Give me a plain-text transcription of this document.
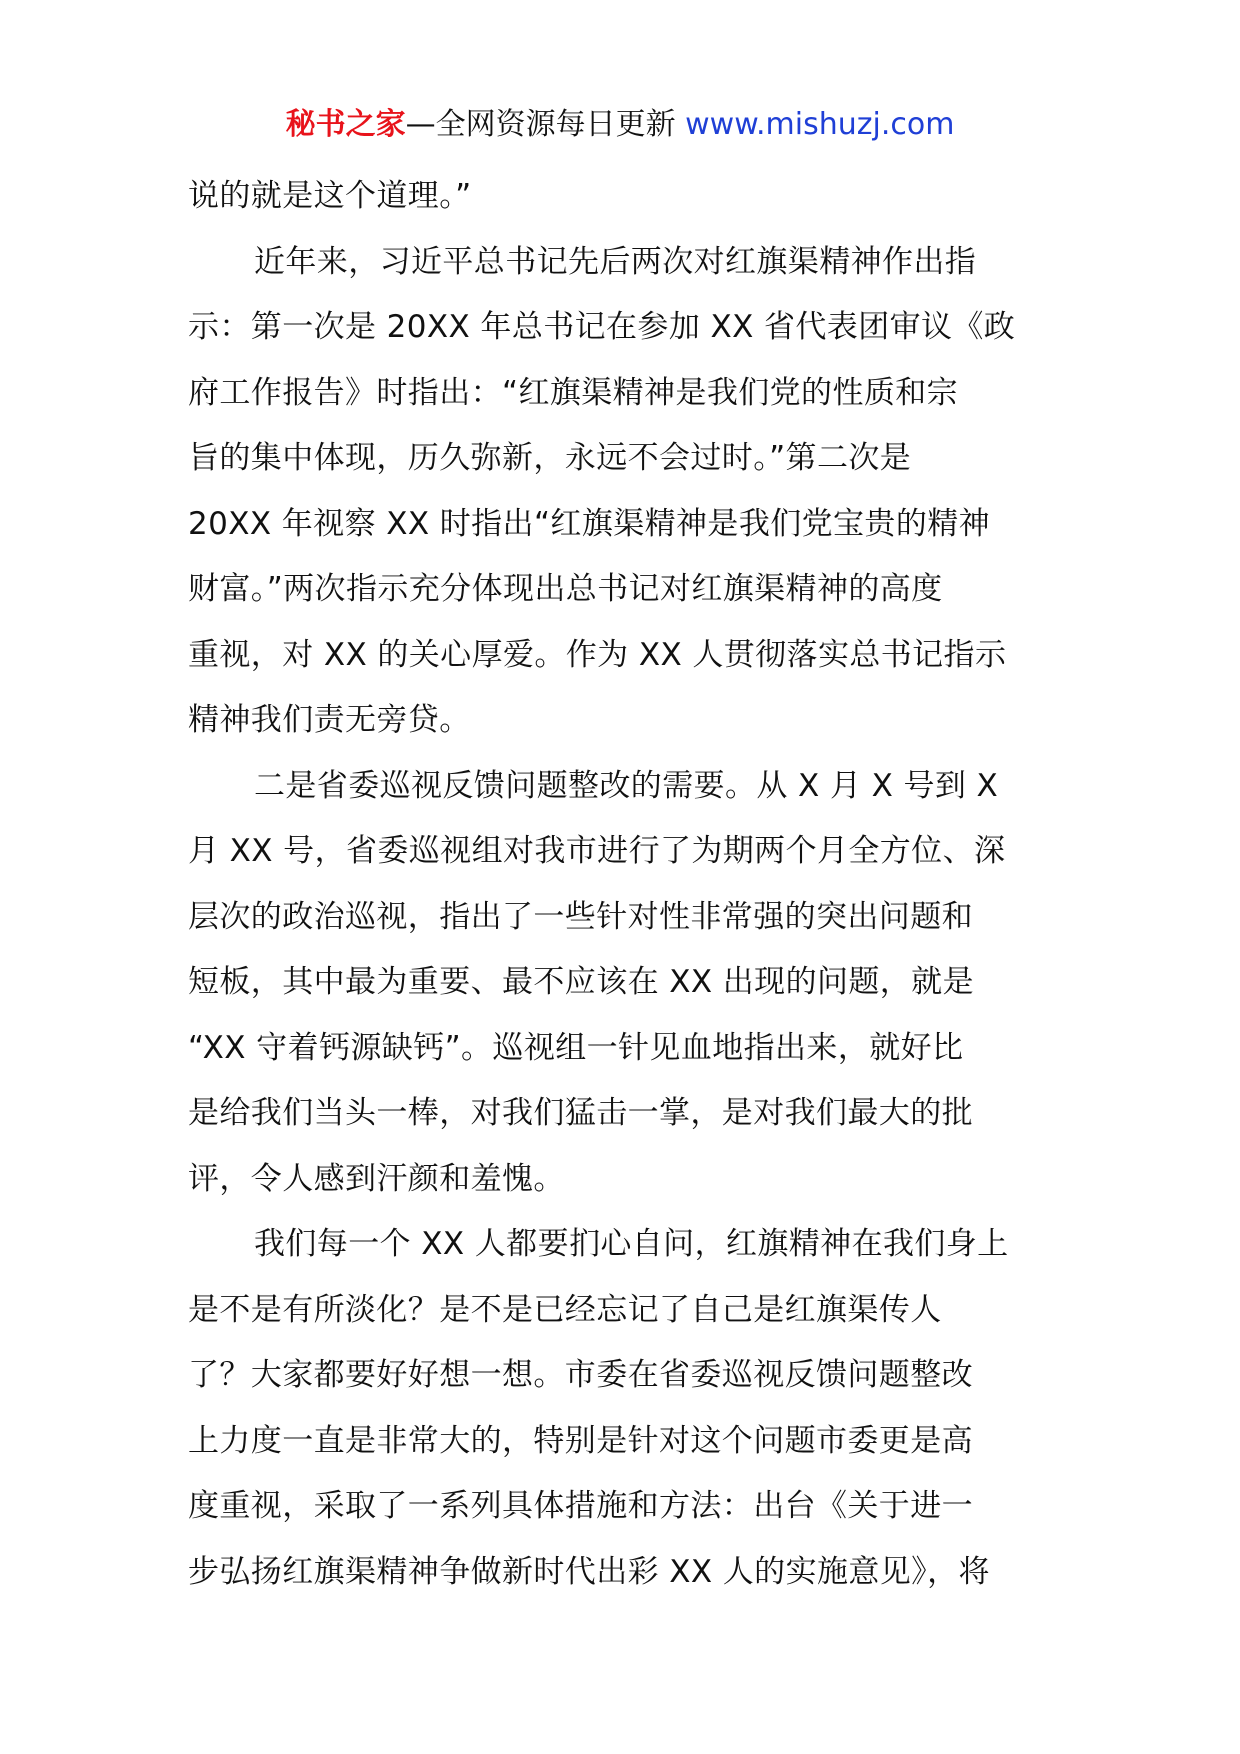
秘书之家—全网资源每日更新 www.mishuzj.com
说的就是这个道理。”
近年来，习近平总书记先后两次对红旗渠精神作出指
示：第一次是 20XX 年总书记在参加 XX 省代表团审议《政
府工作报告》时指出：“红旗渠精神是我们党的性质和宗
旨的集中体现，历久弥新，永远不会过时。”第二次是
20XX 年视察 XX 时指出“红旗渠精神是我们党宝贵的精神
财富。”两次指示充分体现出总书记对红旗渠精神的高度
重视，对 XX 的关心厚爱。作为 XX 人贯彻落实总书记指示
精神我们责无旁贷。
二是省委巡视反馈问题整改的需要。从 X 月 X 号到 X
月 XX 号，省委巡视组对我市进行了为期两个月全方位、深
层次的政治巡视，指出了一些针对性非常强的突出问题和
短板，其中最为重要、最不应该在 XX 出现的问题，就是
“XX 守着钙源缺钙”。巡视组一针见血地指出来，就好比
是给我们当头一棒，对我们猛击一掌，是对我们最大的批
评，令人感到汗颜和羞愧。
我们每一个 XX 人都要扪心自问，红旗精神在我们身上
是不是有所淡化？是不是已经忘记了自己是红旗渠传人
了？大家都要好好想一想。市委在省委巡视反馈问题整改
上力度一直是非常大的，特别是针对这个问题市委更是高
度重视，采取了一系列具体措施和方法：出台《关于进一
步弘扬红旗渠精神争做新时代出彩 XX 人的实施意见》，将
